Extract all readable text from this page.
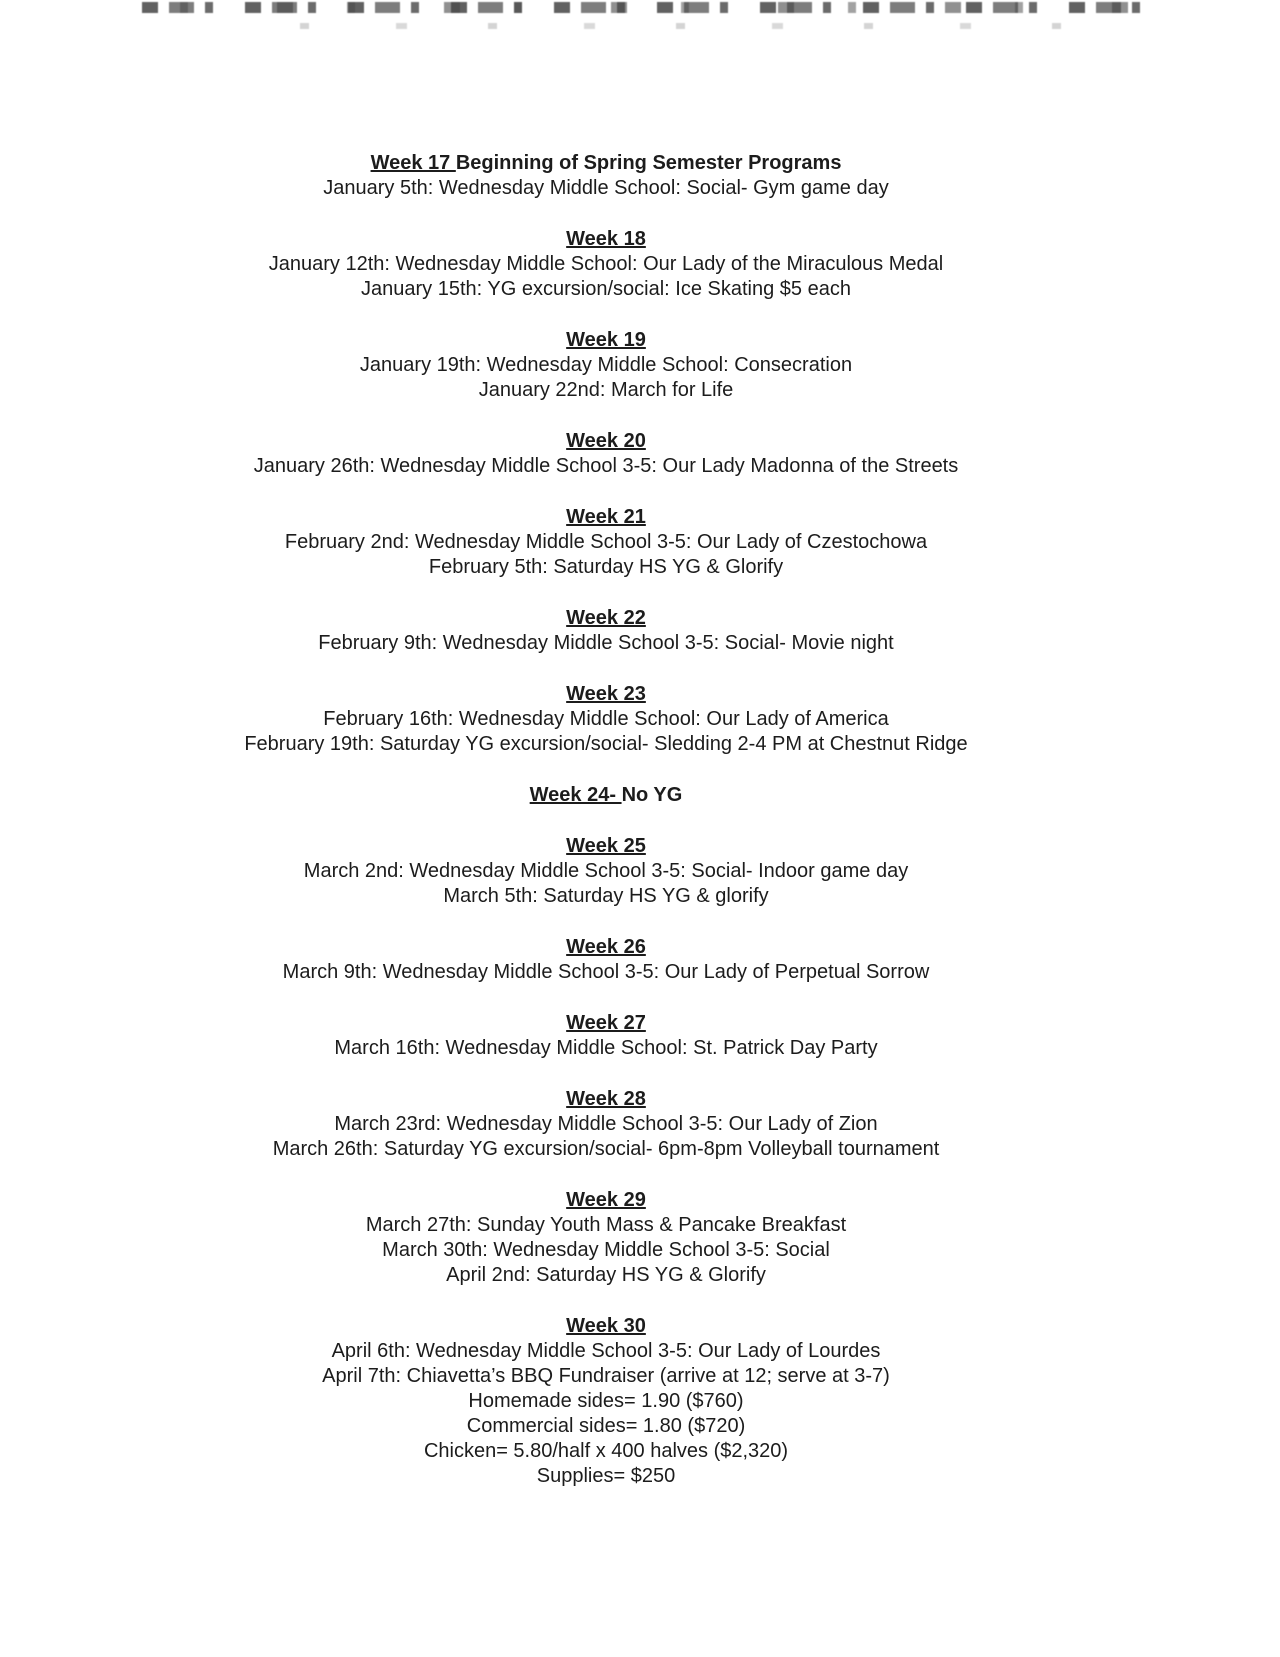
Week 17 Beginning of Spring Semester Programs

January 5th: Wednesday Middle School: Social- Gym game day

Week 18

January 12th: Wednesday Middle School: Our Lady of the Miraculous Medal

January 15th: YG excursion/social: Ice Skating $5 each

Week 19

January 19th: Wednesday Middle School: Consecration

January 22nd: March for Life

Week 20

January 26th: Wednesday Middle School 3-5: Our Lady Madonna of the Streets

Week 21

February 2nd: Wednesday Middle School 3-5: Our Lady of Czestochowa

February 5th: Saturday HS YG & Glorify

Week 22

February 9th: Wednesday Middle School 3-5: Social- Movie night

Week 23

February 16th: Wednesday Middle School: Our Lady of America

February 19th: Saturday YG excursion/social- Sledding 2-4 PM at Chestnut Ridge

Week 24- No YG
Week 25

March 2nd: Wednesday Middle School 3-5: Social- Indoor game day

March 5th: Saturday HS YG & glorify

Week 26

March 9th: Wednesday Middle School 3-5: Our Lady of Perpetual Sorrow

Week 27

March 16th: Wednesday Middle School: St. Patrick Day Party

Week 28

March 23rd: Wednesday Middle School 3-5: Our Lady of Zion

March 26th: Saturday YG excursion/social- 6pm-8pm Volleyball tournament

Week 29

March 27th: Sunday Youth Mass & Pancake Breakfast

March 30th: Wednesday Middle School 3-5: Social

April 2nd: Saturday HS YG & Glorify

Week 30

April 6th: Wednesday Middle School 3-5: Our Lady of Lourdes

April 7th: Chiavetta’s BBQ Fundraiser (arrive at 12; serve at 3-7)

Homemade sides= 1.90 ($760)

Commercial sides= 1.80 ($720)

Chicken= 5.80/half x 400 halves ($2,320)

Supplies= $250
